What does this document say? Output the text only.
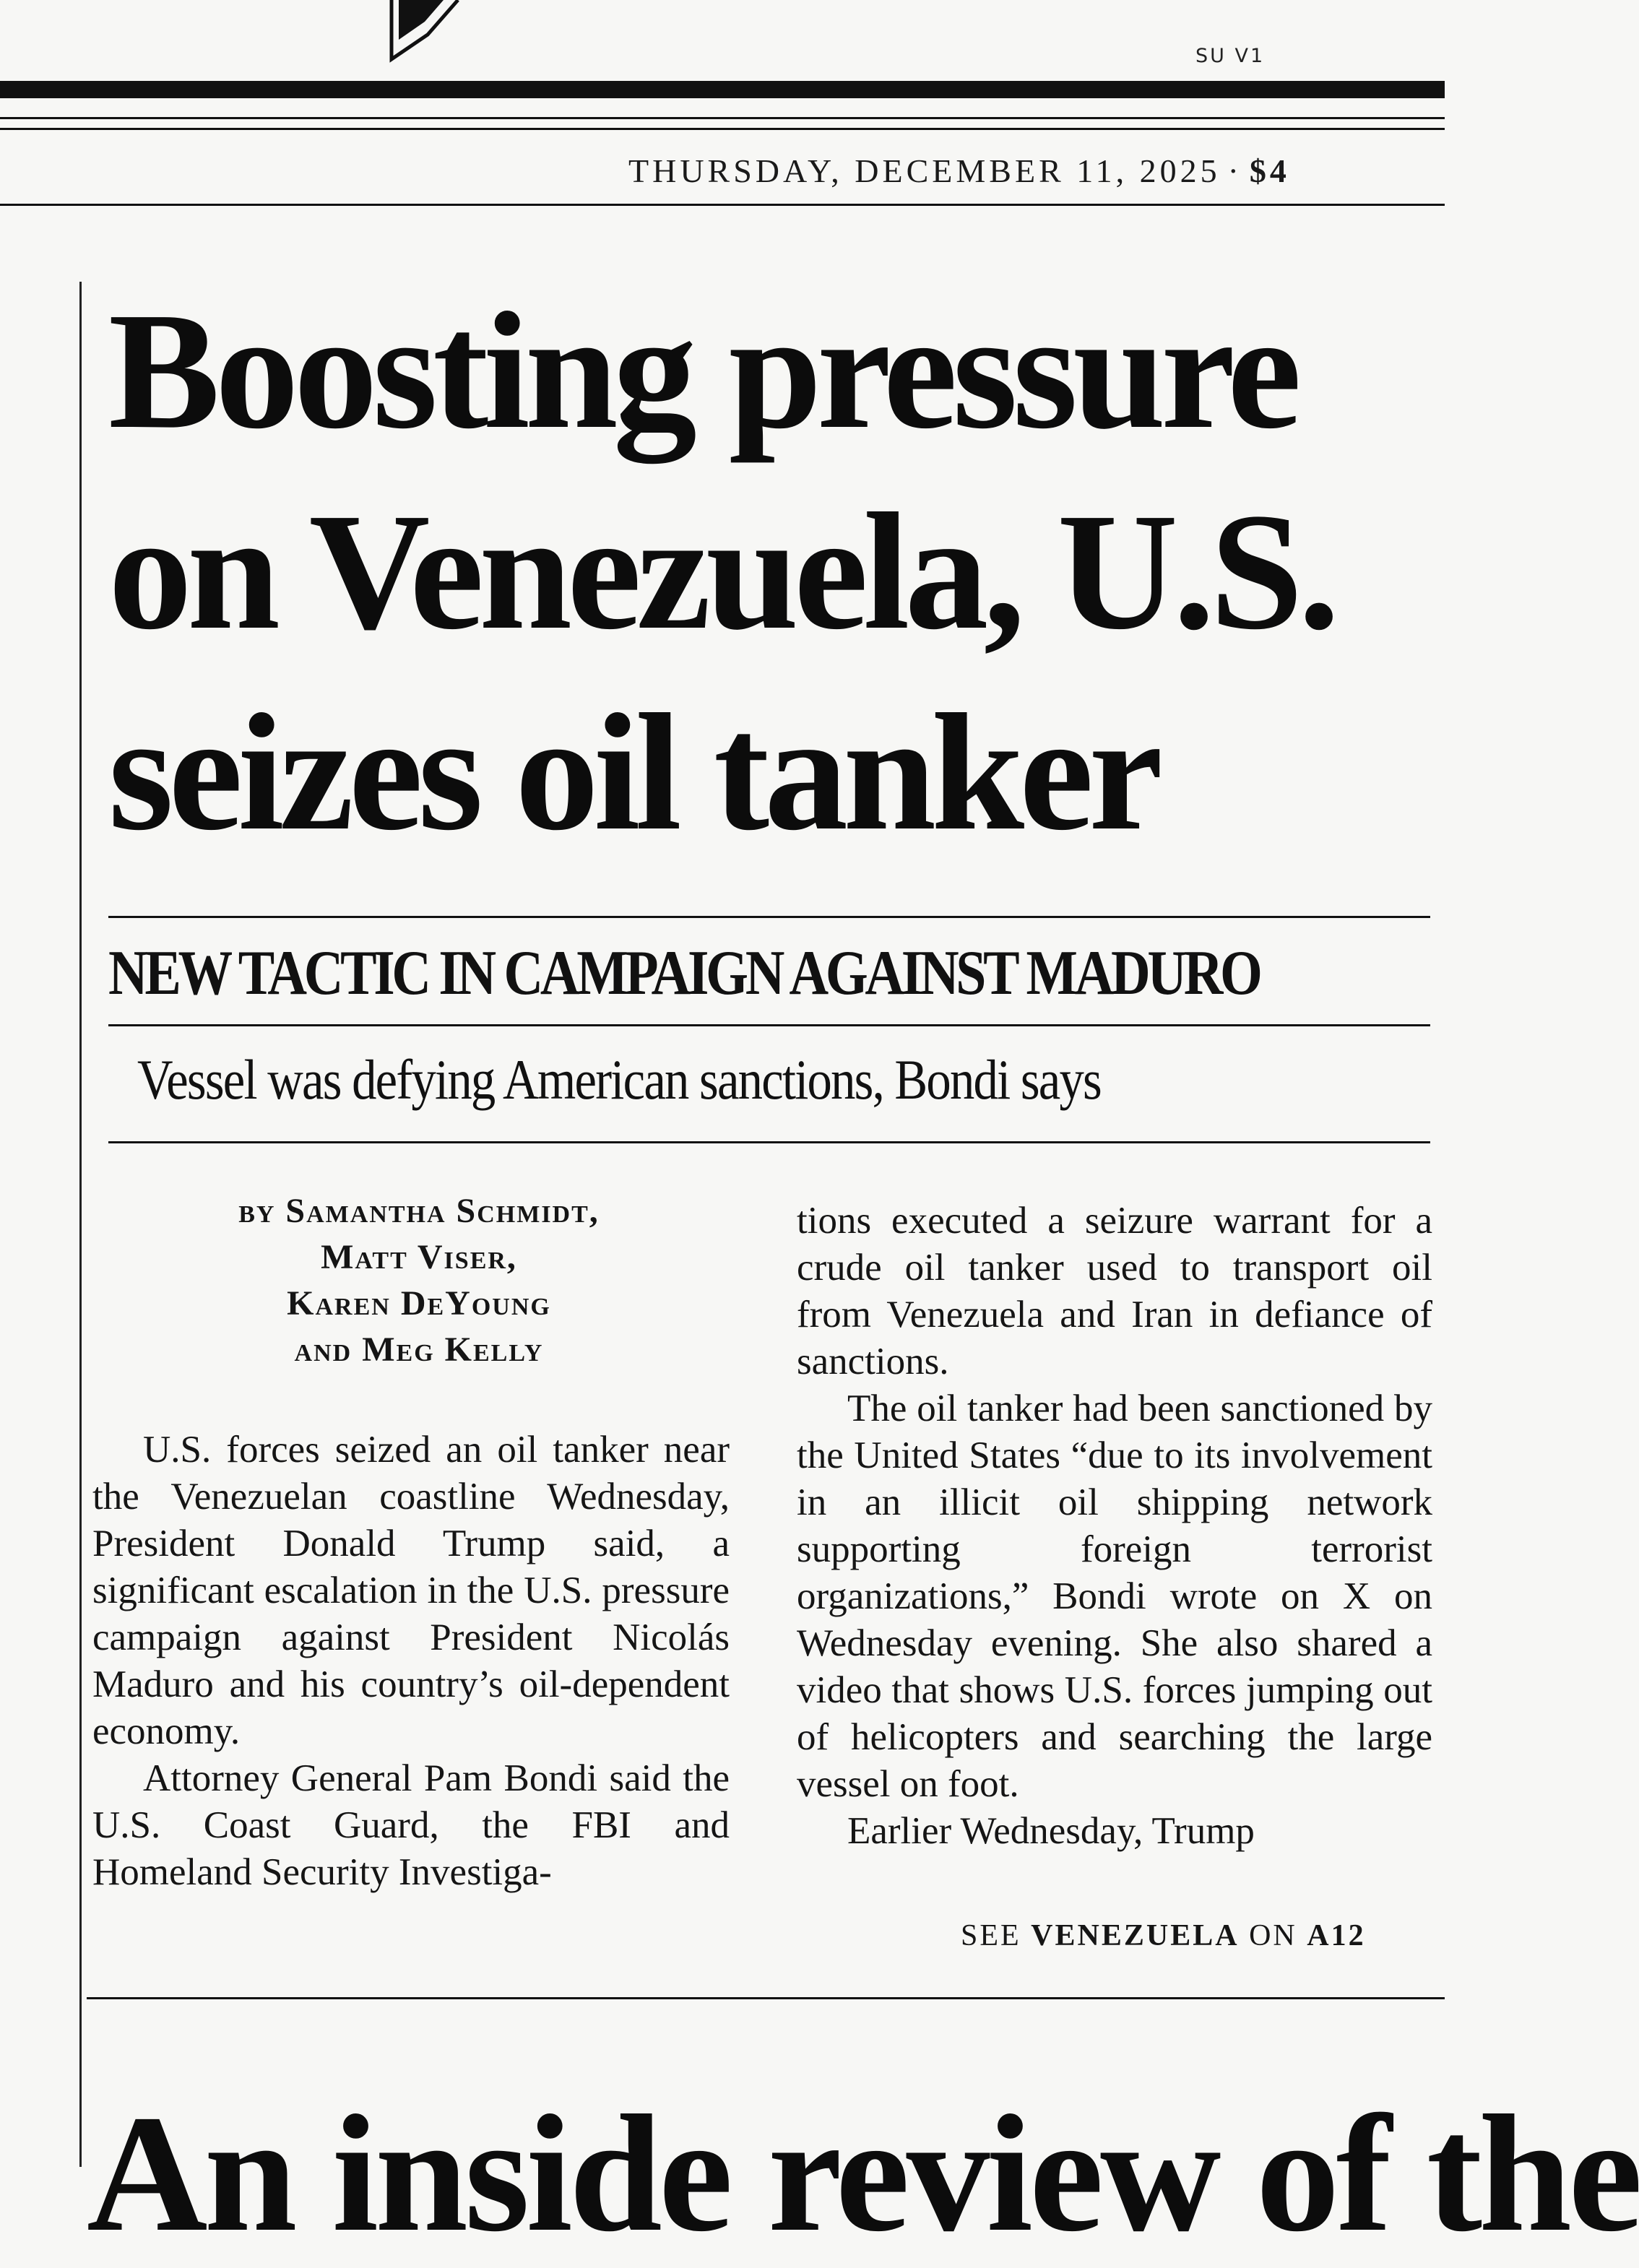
SU V1
THURSDAY, DECEMBER 11, 2025 · $4
Boosting pressure
on Venezuela, U.S.
seizes oil tanker
NEW TACTIC IN CAMPAIGN AGAINST MADURO
Vessel was defying American sanctions, Bondi says
by Samantha Schmidt,
Matt Viser,
Karen DeYoung
and Meg Kelly

U.S. forces seized an oil tanker near the Venezuelan coastline Wednesday, President Donald Trump said, a significant escalation in the U.S. pressure campaign against President Nicolás Maduro and his country’s oil-dependent economy.

Attorney General Pam Bondi said the U.S. Coast Guard, the FBI and Homeland Security Investiga-

tions executed a seizure warrant for a crude oil tanker used to transport oil from Venezuela and Iran in defiance of sanctions.

The oil tanker had been sanctioned by the United States “due to its involvement in an illicit oil shipping network supporting foreign terrorist organizations,” Bondi wrote on X on Wednesday evening. She also shared a video that shows U.S. forces jumping out of helicopters and searching the large vessel on foot.

Earlier Wednesday, Trump

SEE VENEZUELA ON A12
An inside review of the
